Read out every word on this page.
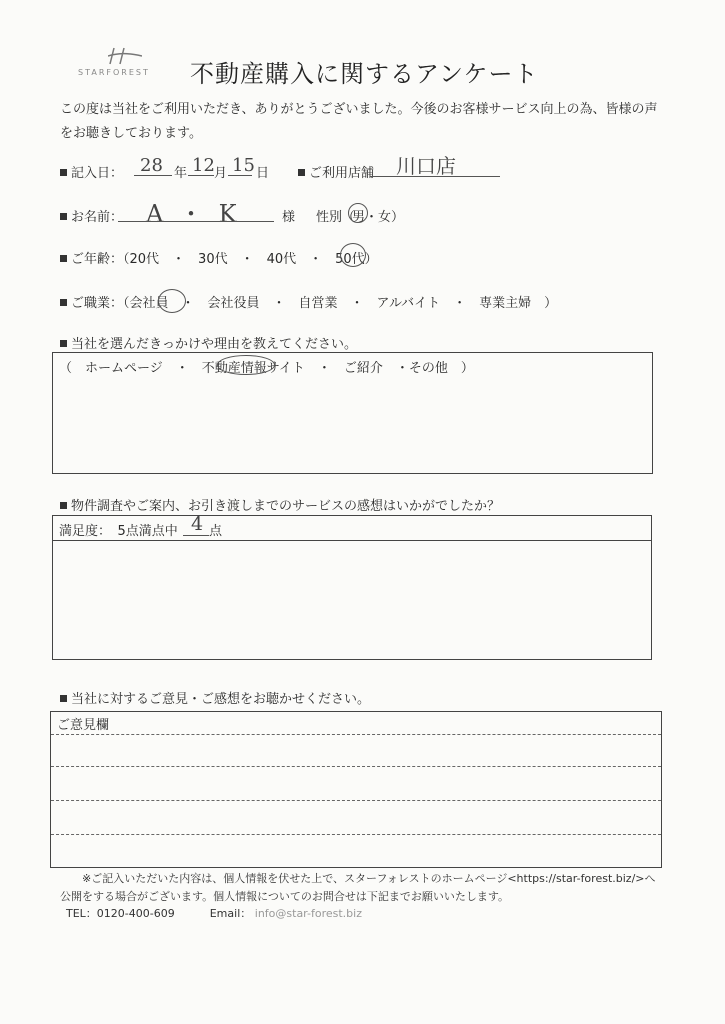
STARFOREST 不動産購入に関するアンケート
この度は当社をご利用いただき、ありがとうございました。今後のお客様サービス向上の為、皆様の声をお聴きしております。
記入日： 28 年 12 月 15 日	ご利用店舗 川口店
お名前： A ・ K	様 性別（
男・女）
ご年齢：（20代　・　30代　・　40代　・　50代）
ご職業：（会社員　・　会社役員　・　自営業　・　アルバイト　・　専業主婦　）
当社を選んだきっかけや理由を教えてください。
（　ホームページ　・　不動産情報サイト　・　ご紹介　・その他　）
物件調査やご案内、お引き渡しまでのサービスの感想はいかがでしたか？
満足度：　5点満点中 4 点
当社に対するご意見・ご感想をお聴かせください。
ご意見欄
※ご記入いただいた内容は、個人情報を伏せた上で、スターフォレストのホームページ<https://star-forest.biz/>へ公開をする場合がございます。個人情報についてのお問合せは下記までお願いいたします。
TEL：0120-400-609	Email： info@star-forest.biz
